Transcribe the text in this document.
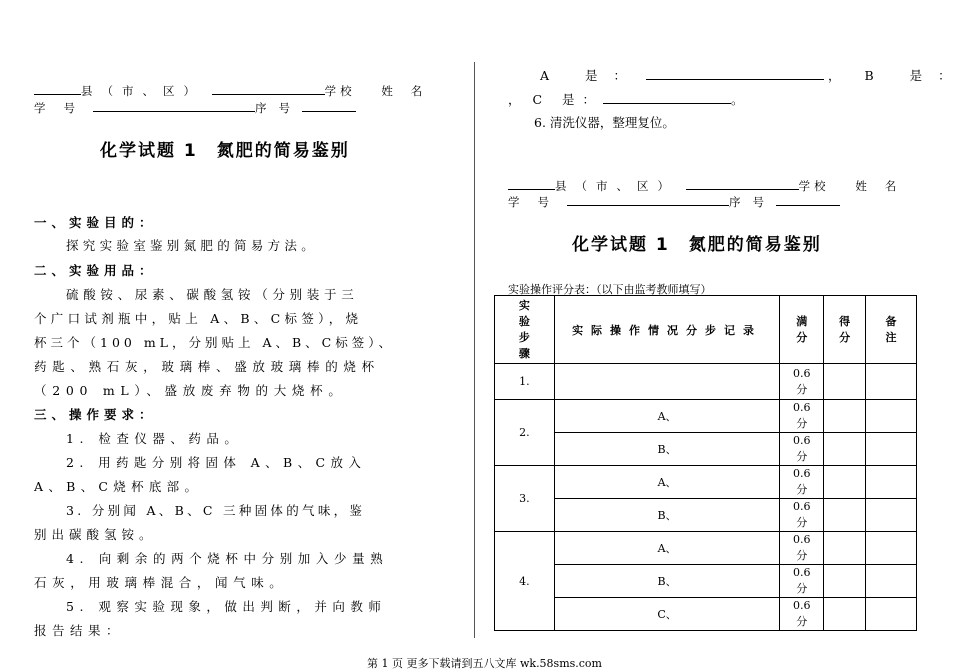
县（市、区）	学校 姓名
学号	序号
化学试题 1　氮肥的简易鉴别
一、实验目的：
探究实验室鉴别氮肥的简易方法。
二、实验用品：
硫酸铵、尿素、碳酸氢铵（分别装于三
个广口试剂瓶中，贴上 A、B、C标签），烧
杯三个（100 mL，分别贴上 A、B、C标签）、
药匙、熟石灰，玻璃棒、盛放玻璃棒的烧杯
（200 mL）、盛放废弃物的大烧杯。
三、操作要求：
1. 检查仪器、药品。
2. 用药匙分别将固体 A、B、C放入
A、B、C烧杯底部。
3. 分别闻 A、B、C 三种固体的气味，鉴
别出碳酸氢铵。
4. 向剩余的两个烧杯中分别加入少量熟
石灰，用玻璃棒混合，闻气味。
5. 观察实验现象，做出判断，并向教师
报告结果：
A 是：	， B 是：
， C 是：	。
6. 清洗仪器，整理复位。
县（市、区）	学校 姓名
学号	序号
化学试题 1　氮肥的简易鉴别
实验操作评分表：（以下由监考教师填写）
实
验
步
骤	实际操作情况分步记录	满
分	得
分	备
注

1.		0.6
分		

2.	A、	0.6
分		

	B、	0.6
分		

3.	A、	0.6
分		

	B、	0.6
分		

4.	A、	0.6
分		

	B、	0.6
分		

	C、	0.6
分		

第 1 页 更多下载请到五八文库 wk.58sms.com
